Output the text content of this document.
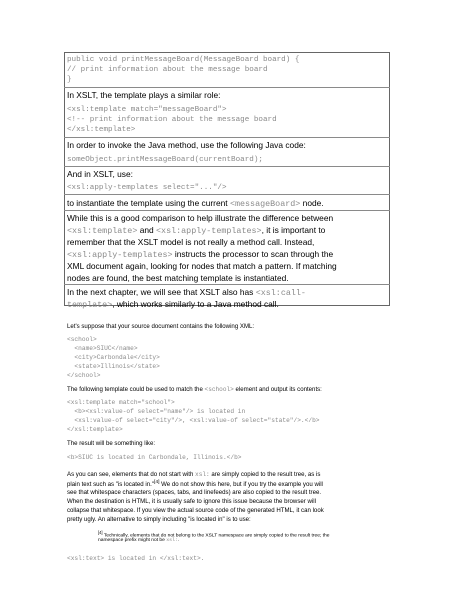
public void printMessageBoard(MessageBoard board) {
// print information about the message board
}
In XSLT, the template plays a similar role:
<xsl:template match="messageBoard">
<!-- print information about the message board
</xsl:template>
In order to invoke the Java method, use the following Java code:
someObject.printMessageBoard(currentBoard);
And in XSLT, use:
<xsl:apply-templates select="..."/>
to instantiate the template using the current <messageBoard> node.
While this is a good comparison to help illustrate the difference between
<xsl:template> and <xsl:apply-templates>, it is important to
remember that the XSLT model is not really a method call. Instead,
<xsl:apply-templates> instructs the processor to scan through the
XML document again, looking for nodes that match a pattern. If matching
nodes are found, the best matching template is instantiated.
In the next chapter, we will see that XSLT also has <xsl:call-
template>, which works similarly to a Java method call.
Let's suppose that your source document contains the following XML:
<school>
<name>SIUC</name>
<city>Carbondale</city>
<state>Illinois</state>
</school>
The following template could be used to match the <school> element and output its contents:
<xsl:template match="school">
<b><xsl:value-of select="name"/> is located in
<xsl:value-of select="city"/>, <xsl:value-of select="state"/>.</b>
</xsl:template>
The result will be something like:
<b>SIUC is located in Carbondale, Illinois.</b>
As you can see, elements that do not start with xsl: are simply copied to the result tree, as is
plain text such as "is located in."[4] We do not show this here, but if you try the example you will
see that whitespace characters (spaces, tabs, and linefeeds) are also copied to the result tree.
When the destination is HTML, it is usually safe to ignore this issue because the browser will
collapse that whitespace. If you view the actual source code of the generated HTML, it can look
pretty ugly. An alternative to simply including "is located in" is to use:
[4] Technically, elements that do not belong to the XSLT namespace are simply copied to the result tree; the
namespace prefix might not be xsl:.
<xsl:text> is located in </xsl:text>.
